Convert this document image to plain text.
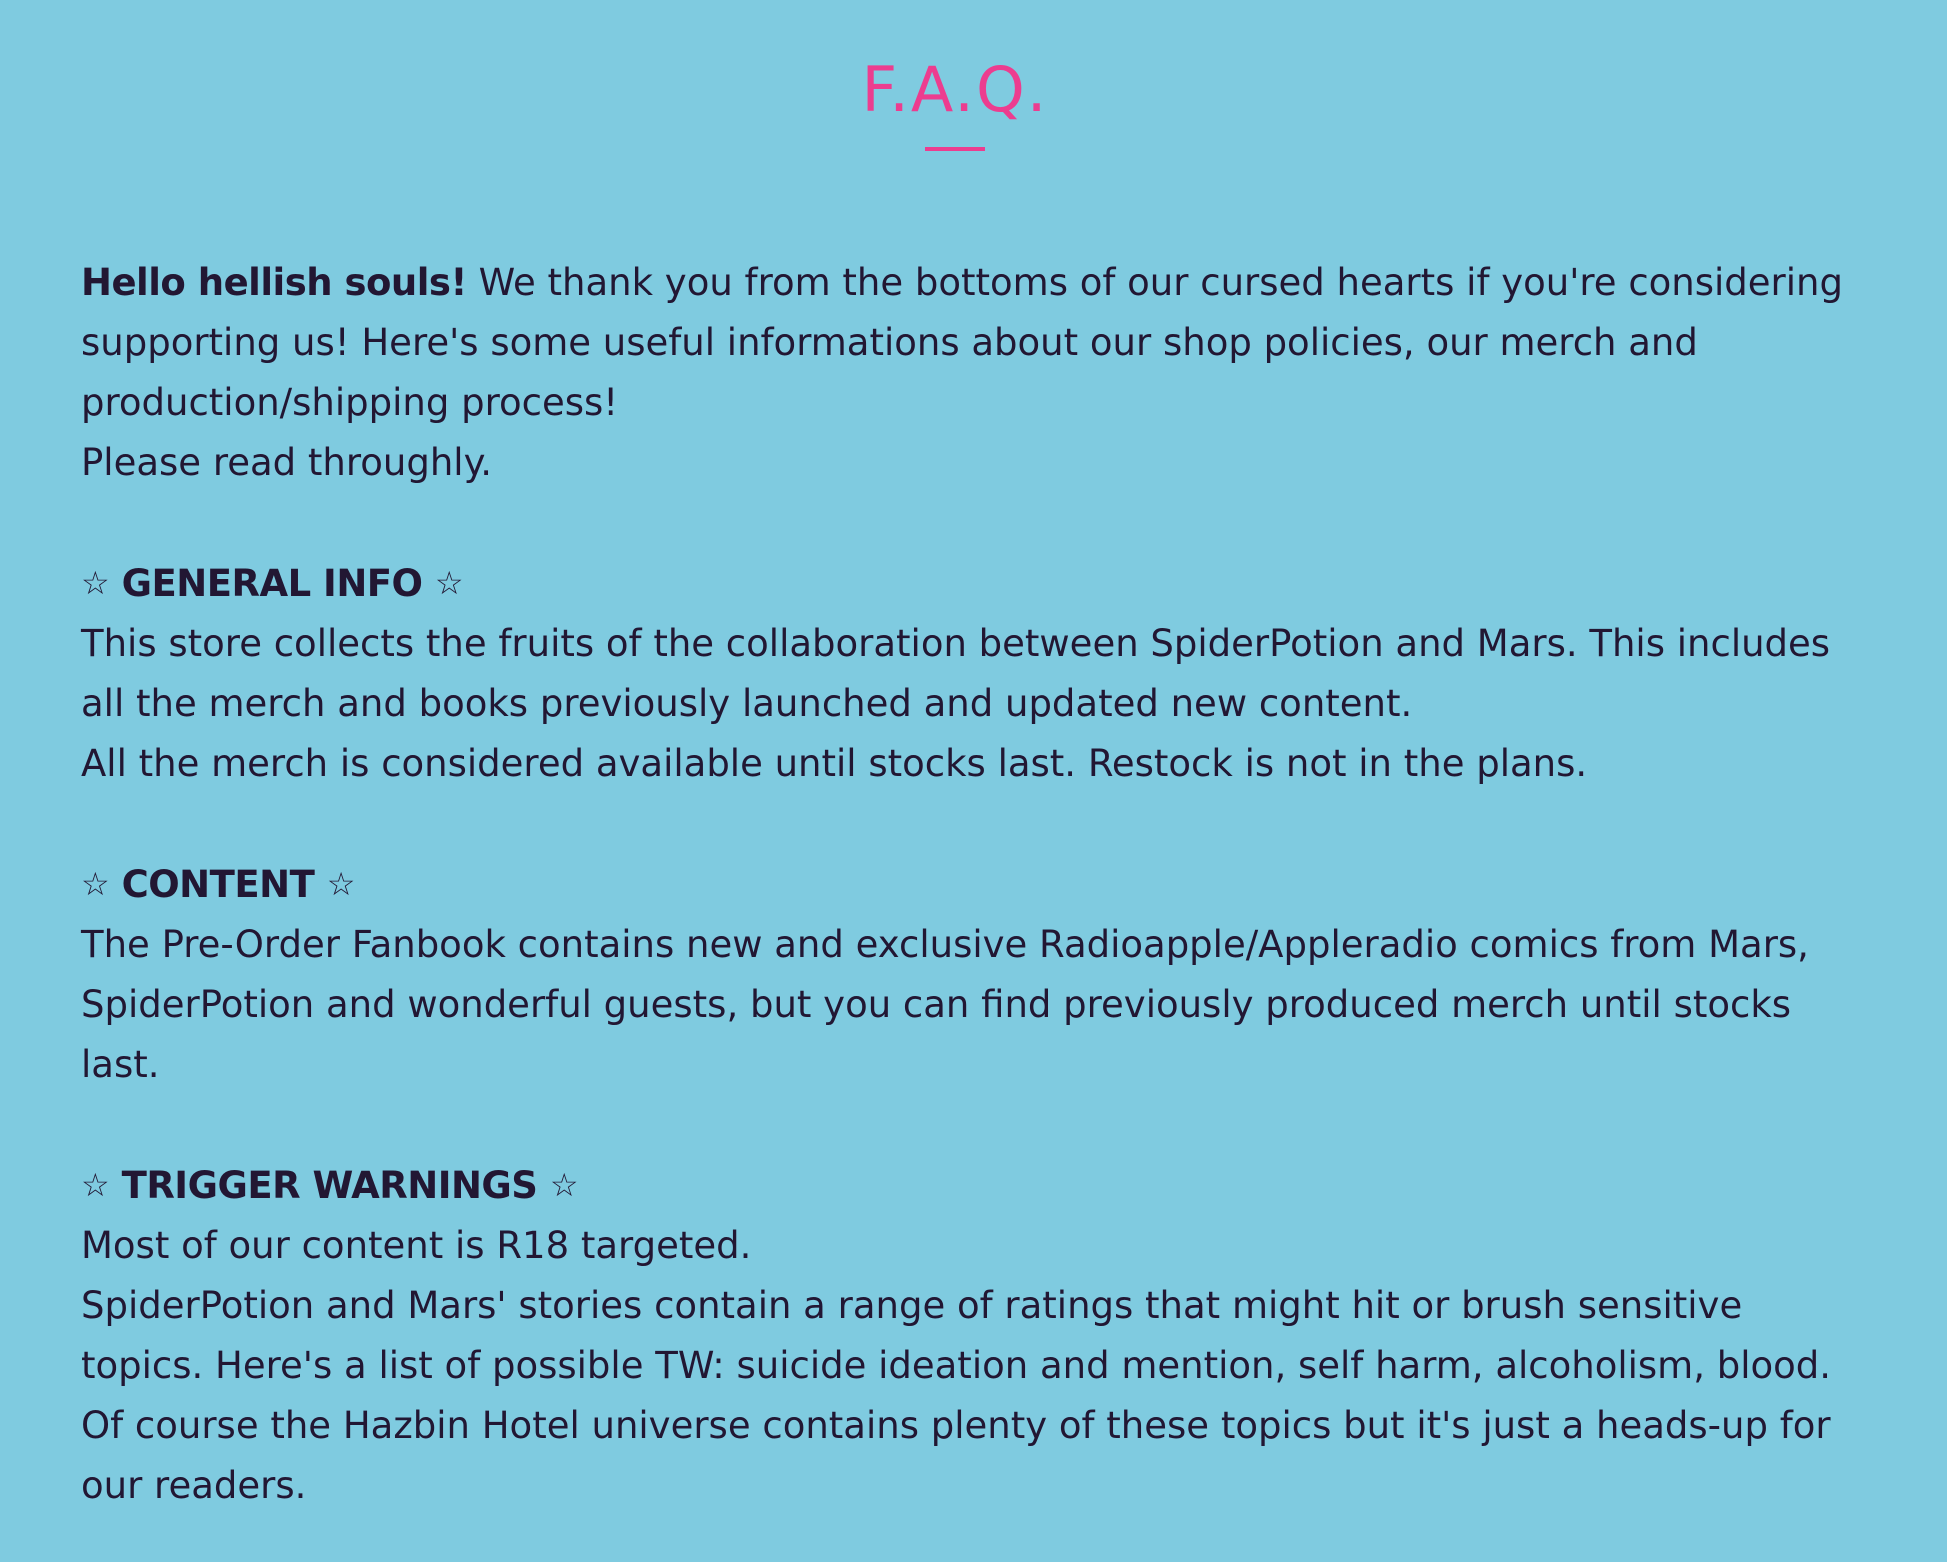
F.A.Q.

Hello hellish souls! We thank you from the bottoms of our cursed hearts if you're considering supporting us! Here's some useful informations about our shop policies, our merch and production/shipping process!

Please read throughly.

☆ GENERAL INFO ☆

This store collects the fruits of the collaboration between SpiderPotion and Mars. This includes all the merch and books previously launched and updated new content.

All the merch is considered available until stocks last. Restock is not in the plans.

☆ CONTENT ☆

The Pre-Order Fanbook contains new and exclusive Radioapple/Appleradio comics from Mars, SpiderPotion and wonderful guests, but you can find previously produced merch until stocks last.

☆ TRIGGER WARNINGS ☆

Most of our content is R18 targeted.

SpiderPotion and Mars' stories contain a range of ratings that might hit or brush sensitive topics. Here's a list of possible TW: suicide ideation and mention, self harm, alcoholism, blood. Of course the Hazbin Hotel universe contains plenty of these topics but it's just a heads-up for our readers.
